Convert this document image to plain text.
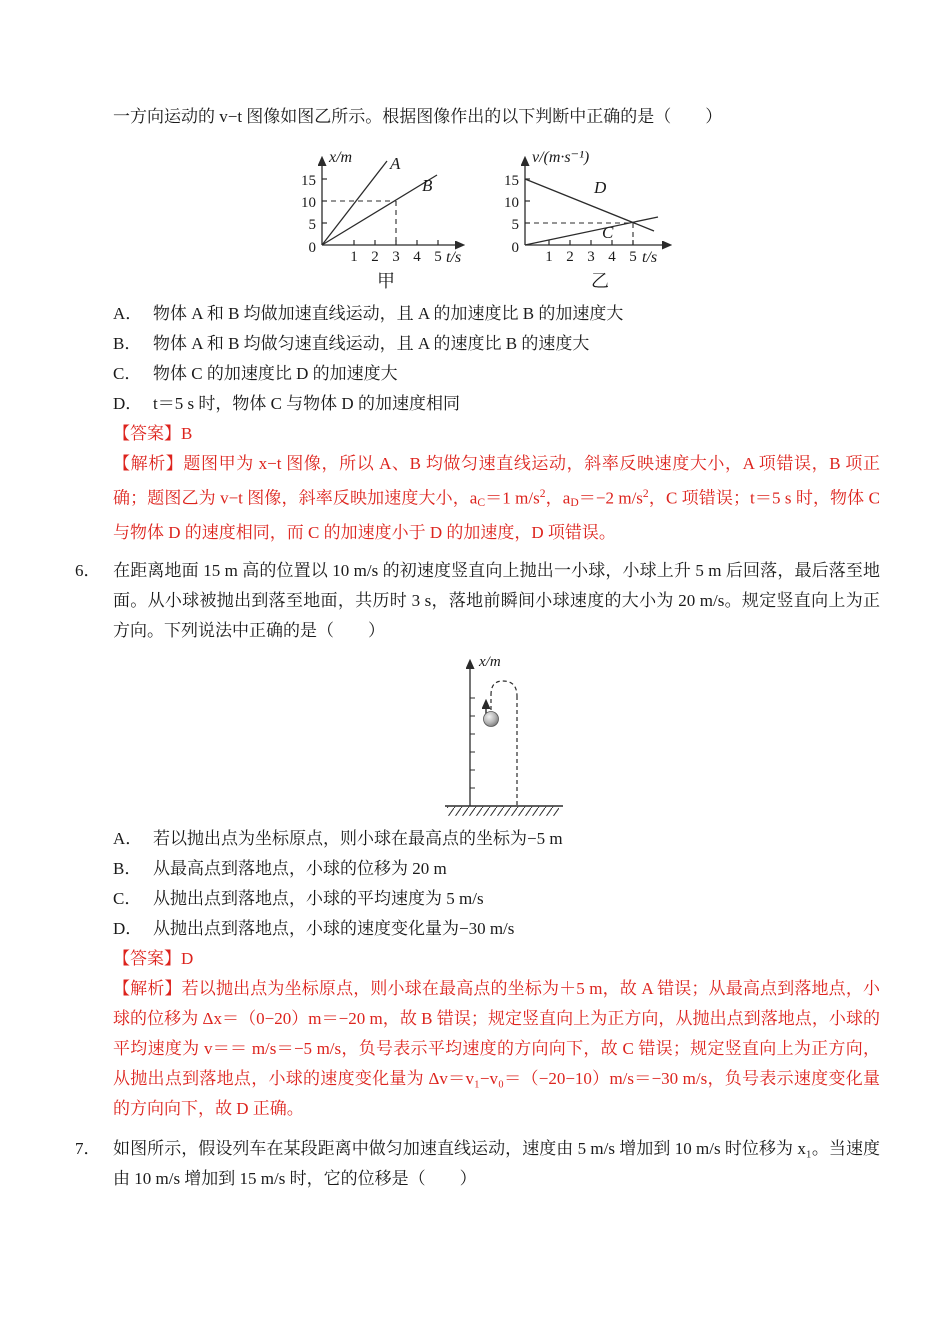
一方向运动的 v−t 图像如图乙所示。根据图像作出的以下判断中正确的是（　　）

0
5
10
15
x/m
1 2 3 4 5 t/s
A
B
甲
0
5
10
15
v/(m·s⁻¹)
1 2 3 4 5 t/s
D
C
乙

A． 物体 A 和 B 均做加速直线运动，且 A 的加速度比 B 的加速度大

B． 物体 A 和 B 均做匀速直线运动，且 A 的速度比 B 的速度大

C． 物体 C 的加速度比 D 的加速度大

D． t＝5 s 时，物体 C 与物体 D 的加速度相同

【答案】B

【解析】题图甲为 x−t 图像，所以 A、B 均做匀速直线运动，斜率反映速度大小，A 项错误，B 项正确；题图乙为 v−t 图像，斜率反映加速度大小，$a_C=1$ $m/s^2$，$a_D=-2$ $m/s^2$，C 项错误；t＝5 s 时，物体 C 与物体 D 的速度相同，而 C 的加速度小于 D 的加速度，D 项错误。

6． 在距离地面 15 m 高的位置以 10 m/s 的初速度竖直向上抛出一小球，小球上升 5 m 后回落，最后落至地面。从小球被抛出到落至地面，共历时 3 s，落地前瞬间小球速度的大小为 20 m/s。规定竖直向上为正方向。下列说法中正确的是（　　）

x/m

A． 若以抛出点为坐标原点，则小球在最高点的坐标为−5 m

B． 从最高点到落地点，小球的位移为 20 m

C． 从抛出点到落地点，小球的平均速度为 5 m/s

D． 从抛出点到落地点，小球的速度变化量为−30 m/s

【答案】D

【解析】若以抛出点为坐标原点，则小球在最高点的坐标为＋5 m，故 A 错误；从最高点到落地点，小球的位移为 Δx＝（0−20）m＝−20 m，故 B 错误；规定竖直向上为正方向，从抛出点到落地点，小球的平均速度为 v＝＝ m/s＝−5 m/s，负号表示平均速度的方向向下，故 C 错误；规定竖直向上为正方向，从抛出点到落地点，小球的速度变化量为 Δv＝v₁−v₀＝（−20−10）m/s＝−30 m/s，负号表示速度变化量的方向向下，故 D 正确。

7． 如图所示，假设列车在某段距离中做匀加速直线运动，速度由 5 m/s 增加到 10 m/s 时位移为 x₁。当速度由 10 m/s 增加到 15 m/s 时，它的位移是（　　）
